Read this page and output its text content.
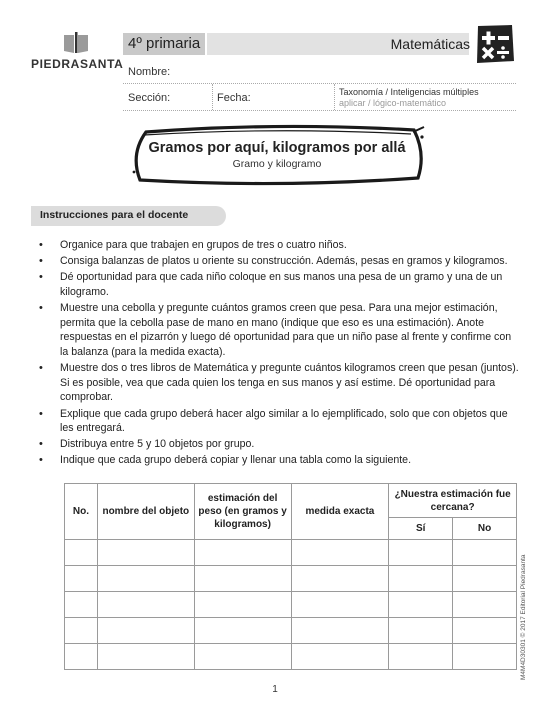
PIEDRASANTA
4º primaria	Matemáticas
Nombre:
Sección:	Fecha:	Taxonomía / Inteligencias múltiples
aplicar / lógico-matemático
Gramos por aquí, kilogramos por allá
Gramo y kilogramo
Instrucciones para el docente
• Organice para que trabajen en grupos de tres o cuatro niños.
• Consiga balanzas de platos u oriente su construcción. Además, pesas en gramos y kilogramos.
• Dé oportunidad para que cada niño coloque en sus manos una pesa de un gramo y una de un kilogramo.
• Muestre una cebolla y pregunte cuántos gramos creen que pesa. Para una mejor estimación, permita que la cebolla pase de mano en mano (indique que eso es una estimación). Anote respuestas en el pizarrón y luego dé oportunidad para que un niño pase al frente y confirme con la balanza (para la medida exacta).
• Muestre dos o tres libros de Matemática y pregunte cuántos kilogramos creen que pesan (juntos). Si es posible, vea que cada quien los tenga en sus manos y así estime. Dé oportunidad para comprobar.
• Explique que cada grupo deberá hacer algo similar a lo ejemplificado, solo que con objetos que les entregará.
• Distribuya entre 5 y 10 objetos por grupo.
• Indique que cada grupo deberá copiar y llenar una tabla como la siguiente.
No.	nombre del objeto	estimación del peso (en gramos y kilogramos)	medida exacta	¿Nuestra estimación fue cercana?	
				Sí	No

M4M4D30301 © 2017 Editorial Piedrasanta
1
